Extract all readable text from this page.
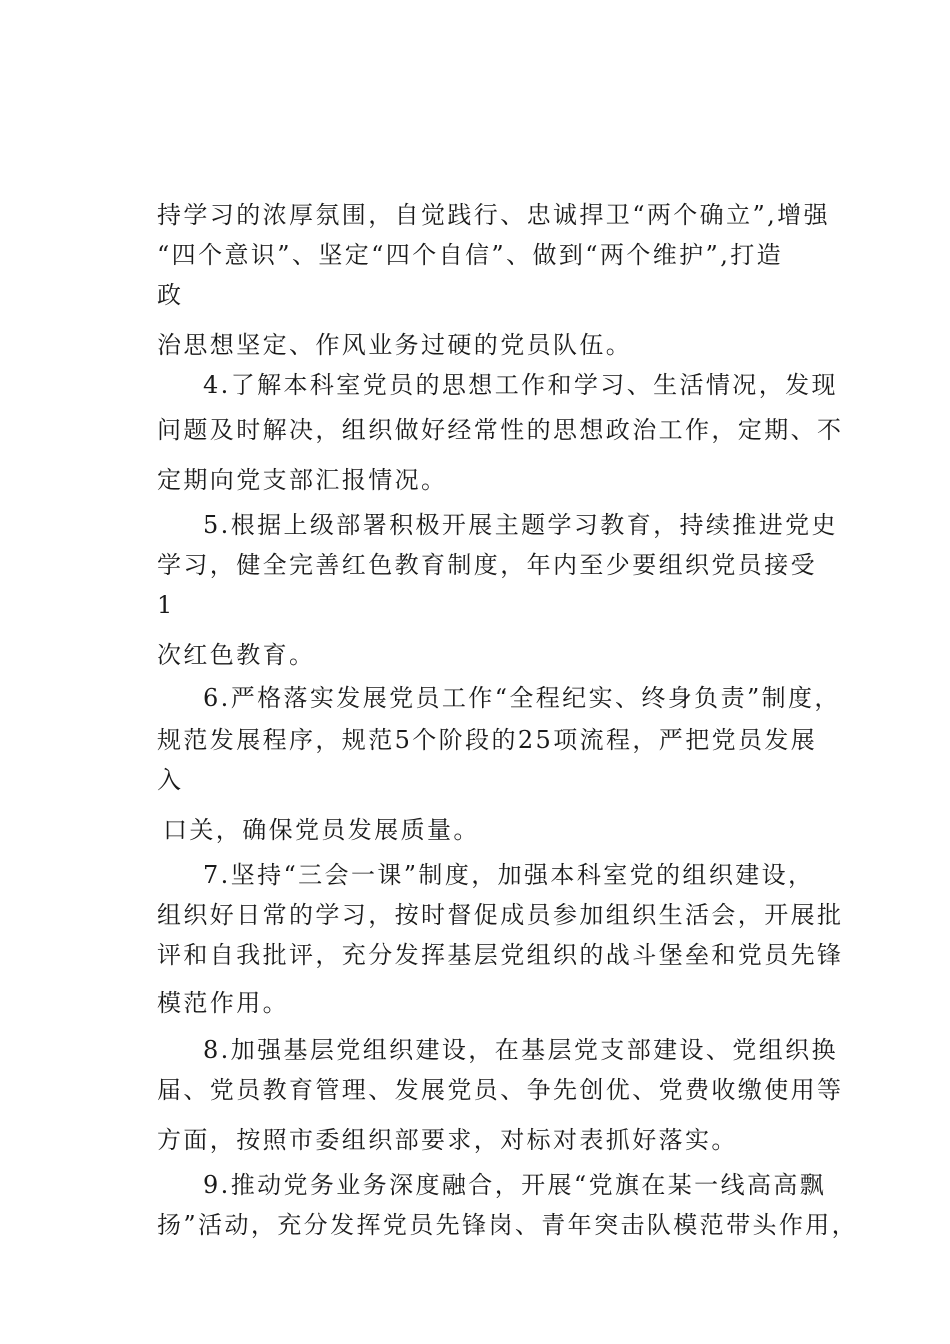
持学习的浓厚氛围，自觉践行、忠诚捍卫“两个确立”,增强
“四个意识”、坚定“四个自信”、做到“两个维护”,打造
政
治思想坚定、作风业务过硬的党员队伍。
4.了解本科室党员的思想工作和学习、生活情况，发现
问题及时解决，组织做好经常性的思想政治工作，定期、不
定期向党支部汇报情况。
5.根据上级部署积极开展主题学习教育，持续推进党史
学习，健全完善红色教育制度，年内至少要组织党员接受
1
次红色教育。
6.严格落实发展党员工作“全程纪实、终身负责”制度，
规范发展程序，规范5个阶段的25项流程，严把党员发展
入
口关，确保党员发展质量。
7.坚持“三会一课”制度，加强本科室党的组织建设，
组织好日常的学习，按时督促成员参加组织生活会，开展批
评和自我批评，充分发挥基层党组织的战斗堡垒和党员先锋
模范作用。
8.加强基层党组织建设，在基层党支部建设、党组织换
届、党员教育管理、发展党员、争先创优、党费收缴使用等
方面，按照市委组织部要求，对标对表抓好落实。
9.推动党务业务深度融合，开展“党旗在某一线高高飘
扬”活动，充分发挥党员先锋岗、青年突击队模范带头作用，
